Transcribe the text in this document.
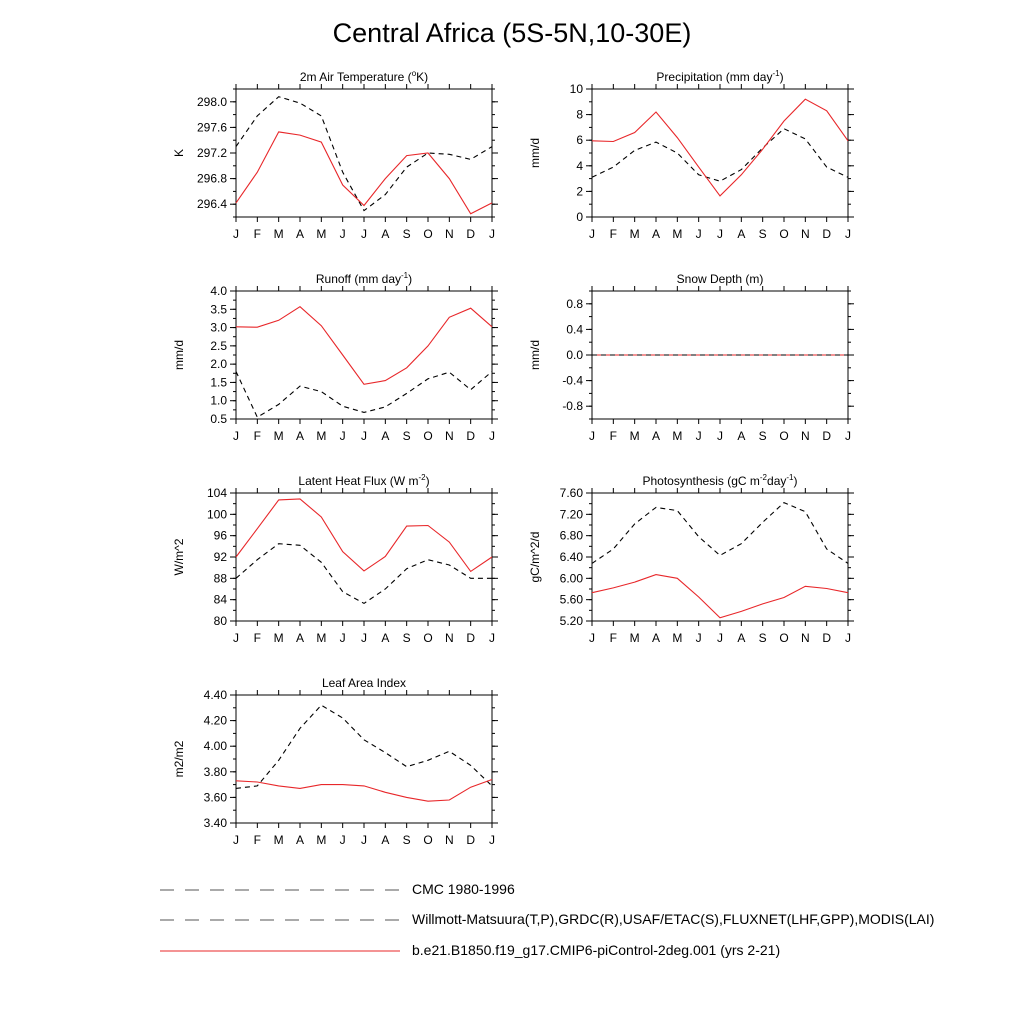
Central Africa (5S-5N,10-30E)
2m Air Temperature ($^o$K)
296.4
296.8
297.2
297.6
298.0
J F M A M J J A S O N D J
K
Precipitation (mm day$^{-1}$)
0
2
4
6
8
10
J F M A M J J A S O N D J
mm/d
Runoff (mm day$^{-1}$)
0.5
1.0
1.5
2.0
2.5
3.0
3.5
4.0
J F M A M J J A S O N D J
mm/d
Snow Depth (m)
-0.8
-0.4
0.0
0.4
0.8
J F M A M J J A S O N D J
mm/d
Latent Heat Flux (W $m^{-2}$)
80
84
88
92
96
100
104
J F M A M J J A S O N D J
W/m^2
Photosynthesis (gC $m^{-2}day^{-1}$)
5.20
5.60
6.00
6.40
6.80
7.20
7.60
J F M A M J J A S O N D J
gC/m^2/d
Leaf Area Index
3.40
3.60
3.80
4.00
4.20
4.40
J F M A M J J A S O N D J
m2/m2
CMC 1980-1996
Willmott-Matsuura(T,P),GRDC(R),USAF/ETAC(S),FLUXNET(LHF,GPP),MODIS(LAI)
b.e21.B1850.f19_g17.CMIP6-piControl-2deg.001 (yrs 2-21)
